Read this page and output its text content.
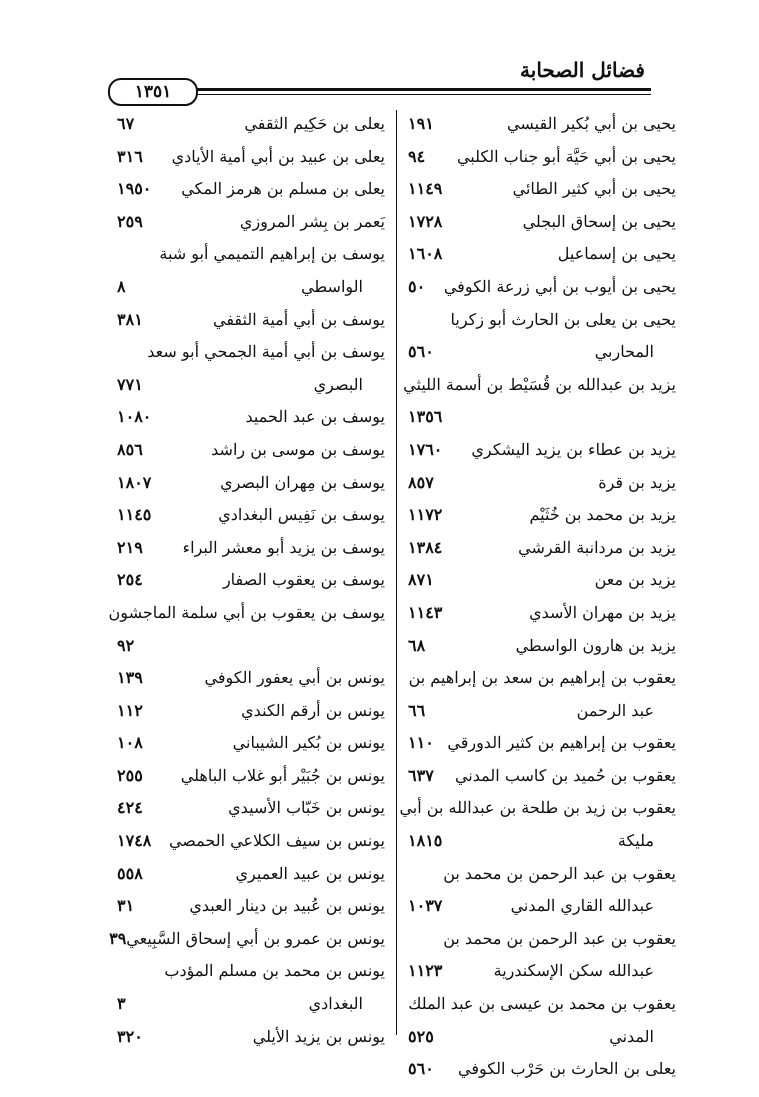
فضائل الصحابة
١٣٥١
يحيى بن أبي بُكير القيسي
١٩١
يحيى بن أبي حَيَّة أبو جناب الكلبي
٩٤
يحيى بن أبي كثير الطائي
١١٤٩
يحيى بن إسحاق البجلي
١٧٢٨
يحيى بن إسماعيل
١٦٠٨
يحيى بن أيوب بن أبي زرعة الكوفي
٥٠
يحيى بن يعلى بن الحارث أبو زكريا
المحاربي
٥٦٠
يزيد بن عبدالله بن قُسَيْط بن أسمة الليثي
١٣٥٦
يزيد بن عطاء بن يزيد اليشكري
١٧٦٠
يزيد بن قرة
٨٥٧
يزيد بن محمد بن خُثَيْم
١١٧٢
يزيد بن مردانبة القرشي
١٣٨٤
يزيد بن معن
٨٧١
يزيد بن مهران الأسدي
١١٤٣
يزيد بن هارون الواسطي
٦٨
يعقوب بن إبراهيم بن سعد بن إبراهيم بن
عبد الرحمن
٦٦
يعقوب بن إبراهيم بن كثير الدورقي
١١٠
يعقوب بن حُميد بن كاسب المدني
٦٣٧
يعقوب بن زيد بن طلحة بن عبدالله بن أبي
مليكة
١٨١٥
يعقوب بن عبد الرحمن بن محمد بن
عبدالله القاري المدني
١٠٣٧
يعقوب بن عبد الرحمن بن محمد بن
عبدالله سكن الإسكندرية
١١٢٣
يعقوب بن محمد بن عيسى بن عبد الملك
المدني
٥٢٥
يعلى بن الحارث بن حَرْب الكوفي
٥٦٠
يعلى بن حَكِيم الثقفي
٦٧
يعلى بن عبيد بن أبي أمية الأيادي
٣١٦
يعلى بن مسلم بن هرمز المكي
١٩٥٠
يَعمر بن بِشر المروزي
٢٥٩
يوسف بن إبراهيم التميمي أبو شبة
الواسطي
٨
يوسف بن أبي أمية الثقفي
٣٨١
يوسف بن أبي أمية الجمحي أبو سعد
البصري
٧٧١
يوسف بن عبد الحميد
١٠٨٠
يوسف بن موسى بن راشد
٨٥٦
يوسف بن مِهران البصري
١٨٠٧
يوسف بن نَفِيس البغدادي
١١٤٥
يوسف بن يزيد أبو معشر البراء
٢١٩
يوسف بن يعقوب الصفار
٢٥٤
يوسف بن يعقوب بن أبي سلمة الماجشون
٩٢
يونس بن أبي يعفور الكوفي
١٣٩
يونس بن أرقم الكندي
١١٢
يونس بن بُكير الشيباني
١٠٨
يونس بن جُبَيْر أبو غلاب الباهلي
٢٥٥
يونس بن خَبّاب الأسيدي
٤٢٤
يونس بن سيف الكلاعي الحمصي
١٧٤٨
يونس بن عبيد العميري
٥٥٨
يونس بن عُبيد بن دينار العبدي
٣١
يونس بن عمرو بن أبي إسحاق السَّبِيعي
٣٩
يونس بن محمد بن مسلم المؤدب
البغدادي
٣
يونس بن يزيد الأيلي
٣٢٠
